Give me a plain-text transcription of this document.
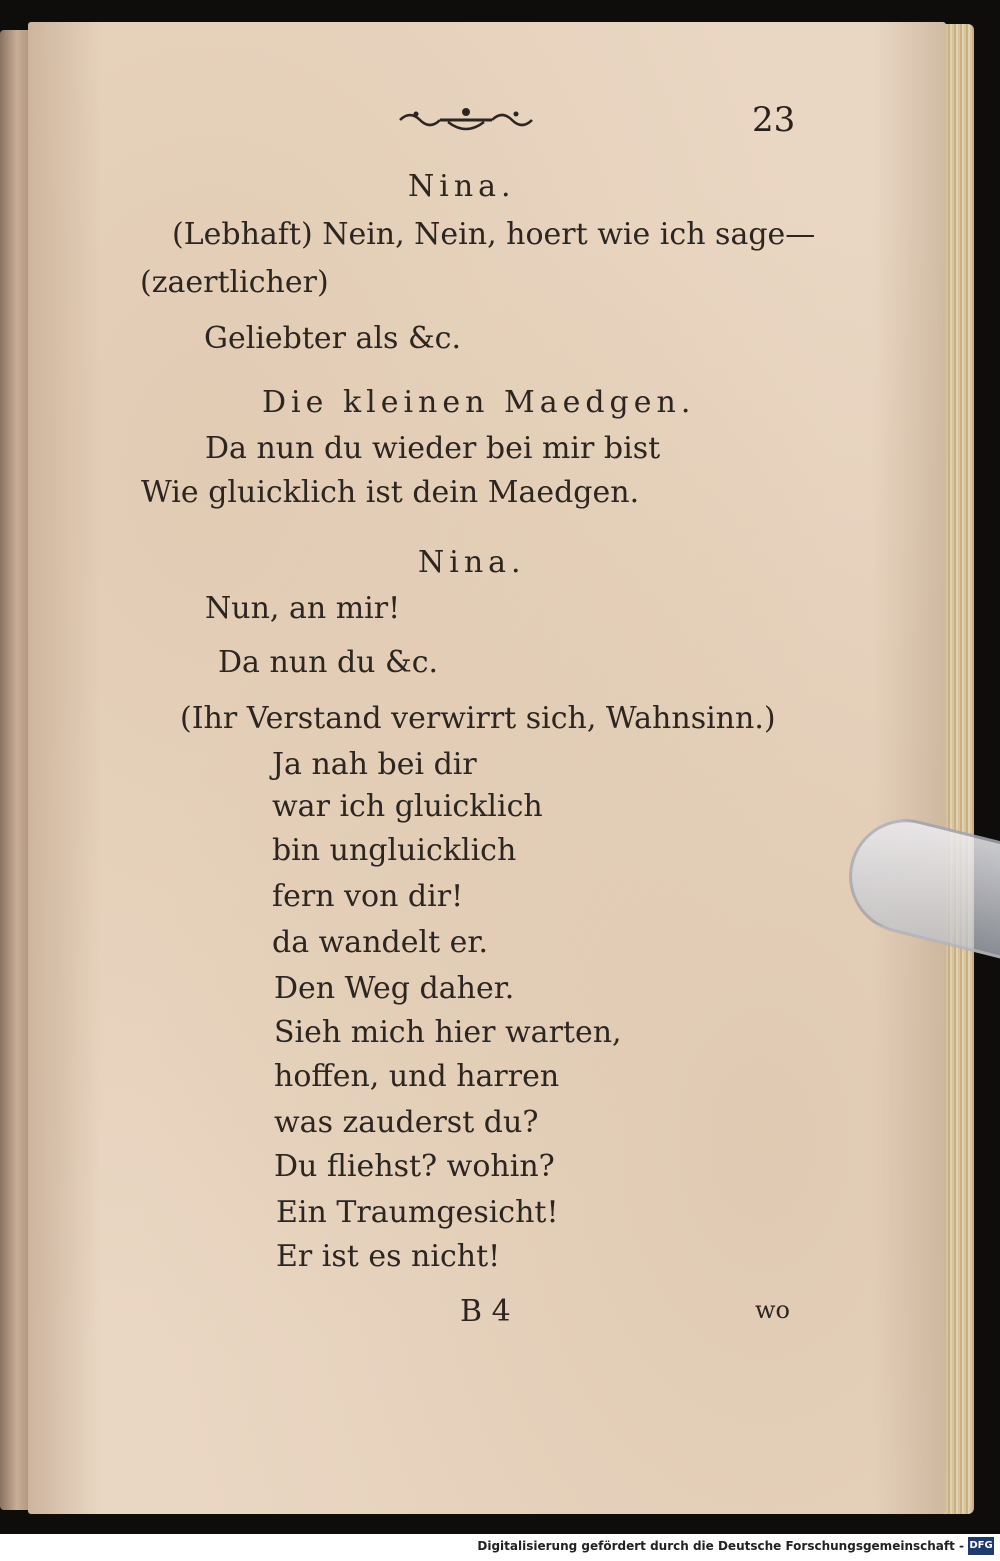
23
Nina.
(Lebhaft) Nein, Nein, hoert wie ich sage—
(zaertlicher)
Geliebter als &c.
Die kleinen Maedgen.
Da nun du wieder bei mir bist
Wie gluicklich ist dein Maedgen.
Nina.
Nun, an mir!
Da nun du &c.
(Ihr Verstand verwirrt sich, Wahnsinn.)
Ja nah bei dir
war ich gluicklich
bin ungluicklich
fern von dir!
da wandelt er.
Den Weg daher.
Sieh mich hier warten,
hoffen, und harren
was zauderst du?
Du fliehst? wohin?
Ein Traumgesicht!
Er ist es nicht!
B 4	wo
Digitalisierung gefördert durch die Deutsche Forschungsgemeinschaft - DFG
